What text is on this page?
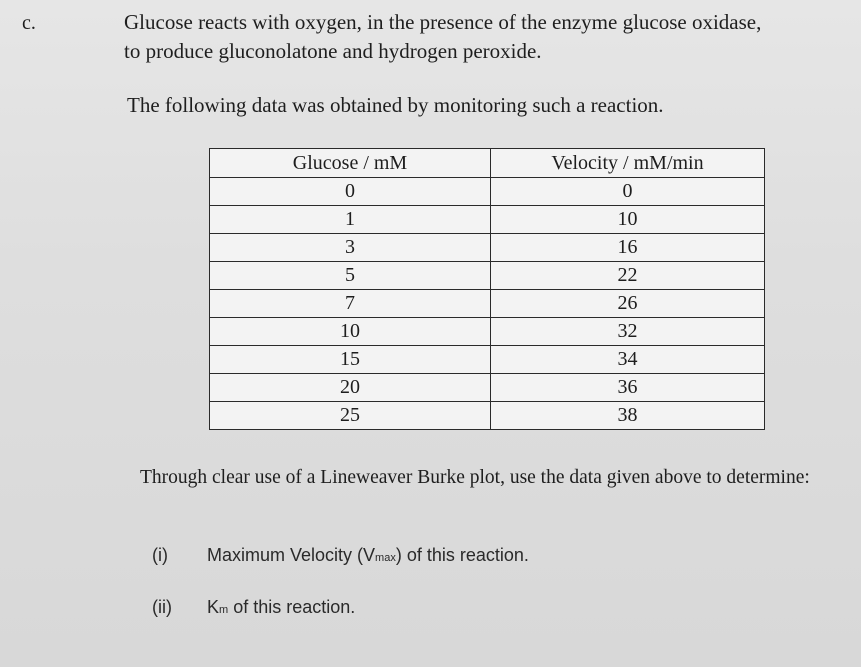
c.	Glucose reacts with oxygen, in the presence of the enzyme glucose oxidase,
to produce gluconolatone and hydrogen peroxide.
The following data was obtained by monitoring such a reaction.
Glucose / mM	Velocity / mM/min
0	0
1	10
3	16
5	22
7	26
10	32
15	34
20	36
25	38
Through clear use of a Lineweaver Burke plot, use the data given above to determine:
(i) Maximum Velocity (Vmax) of this reaction.
(ii) Km of this reaction.
